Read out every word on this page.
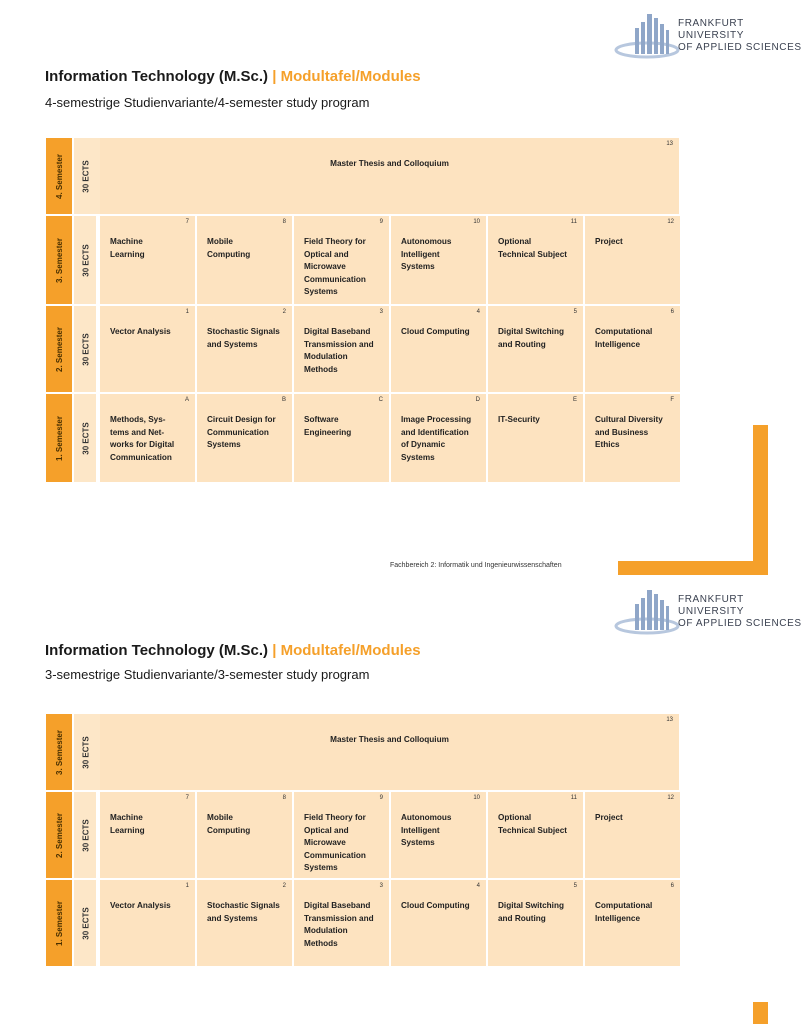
FRANKFURT
UNIVERSITY
OF APPLIED SCIENCES
Information Technology (M.Sc.) | Modultafel/Modules
4-semestrige Studienvariante/4-semester study program
4. Semester 30 ECTS
13
Master Thesis and Colloquium
3. Semester 30 ECTS
7
Machine
Learning
8
Mobile
Computing
9
Field Theory for
Optical and
Microwave
Communication
Systems
10
Autonomous
Intelligent
Systems
11
Optional
Technical Subject
12
Project
2. Semester 30 ECTS
1
Vector Analysis
2
Stochastic Signals
and Systems
3
Digital Baseband
Transmission and
Modulation
Methods
4
Cloud Computing
5
Digital Switching
and Routing
6
Computational
Intelligence
1. Semester 30 ECTS
A
Methods, Sys-
tems and Net-
works for Digital
Communication
B
Circuit Design for
Communication
Systems
C
Software
Engineering
D
Image Processing
and Identification
of Dynamic
Systems
E
IT-Security
F
Cultural Diversity
and Business
Ethics
Fachbereich 2: Informatik und Ingenieurwissenschaften
FRANKFURT
UNIVERSITY
OF APPLIED SCIENCES
Information Technology (M.Sc.) | Modultafel/Modules
3-semestrige Studienvariante/3-semester study program
3. Semester 30 ECTS
13
Master Thesis and Colloquium
2. Semester 30 ECTS
7
Machine
Learning
8
Mobile
Computing
9
Field Theory for
Optical and
Microwave
Communication
Systems
10
Autonomous
Intelligent
Systems
11
Optional
Technical Subject
12
Project
1. Semester 30 ECTS
1
Vector Analysis
2
Stochastic Signals
and Systems
3
Digital Baseband
Transmission and
Modulation
Methods
4
Cloud Computing
5
Digital Switching
and Routing
6
Computational
Intelligence
